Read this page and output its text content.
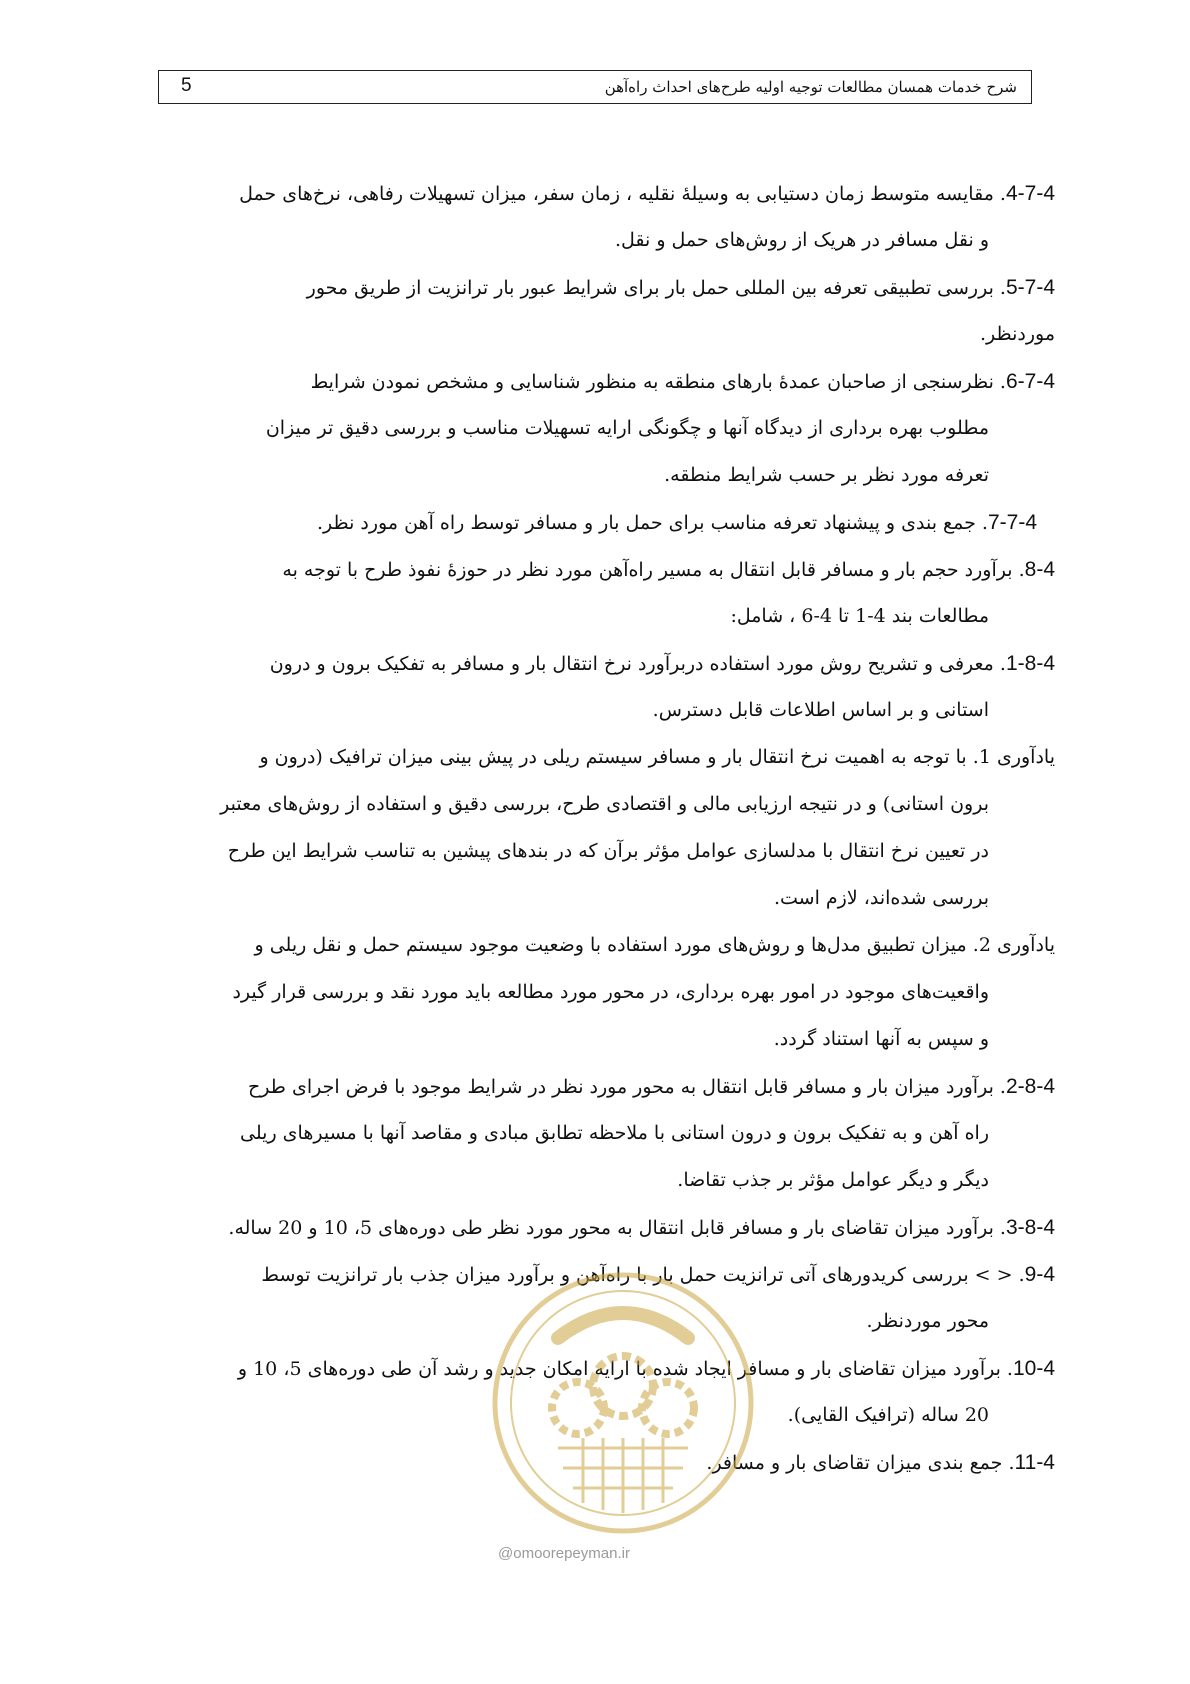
5	شرح خدمات همسان مطالعات توجیه اولیه طرح‌های احداث راه‌آهن
4-7-4. مقایسه متوسط زمان دستیابی به وسیلهٔ نقلیه ، زمان سفر، میزان تسهیلات رفاهی، نرخ‌های حمل
و نقل مسافر در هریک از روش‌های حمل و نقل.
5-7-4. بررسی تطبیقی تعرفه بین المللی حمل بار برای شرایط عبور بار ترانزیت از طریق محور
موردنظر.
6-7-4. نظرسنجی از صاحبان عمدهٔ بارهای منطقه به منظور شناسایی و مشخص نمودن شرایط
مطلوب بهره برداری از دیدگاه آنها و چگونگی ارایه تسهیلات مناسب و بررسی دقیق تر میزان
تعرفه مورد نظر بر حسب شرایط منطقه.
7-7-4. جمع بندی و پیشنهاد تعرفه مناسب برای حمل بار و مسافر توسط راه آهن مورد نظر.
8-4. برآورد حجم بار و مسافر قابل انتقال به مسیر راه‌آهن مورد نظر در حوزهٔ نفوذ طرح با توجه به
مطالعات بند 4-1 تا 4-6 ، شامل:
1-8-4. معرفی و تشریح روش مورد استفاده دربرآورد نرخ انتقال بار و مسافر به تفکیک برون و درون
استانی و بر اساس اطلاعات قابل دسترس.
یادآوری 1. با توجه به اهمیت نرخ انتقال بار و مسافر سیستم ریلی در پیش بینی میزان ترافیک (درون و
برون استانی) و در نتیجه ارزیابی مالی و اقتصادی طرح، بررسی دقیق و استفاده از روش‌های معتبر
در تعیین نرخ انتقال با مدلسازی عوامل مؤثر برآن که در بندهای پیشین به تناسب شرایط این طرح
بررسی شده‌اند، لازم است.
یادآوری 2. میزان تطبیق مدل‌ها و روش‌های مورد استفاده با وضعیت موجود سیستم حمل و نقل ریلی و
واقعیت‌های موجود در امور بهره برداری، در محور مورد مطالعه باید مورد نقد و بررسی قرار گیرد
و سپس به آنها استناد گردد.
2-8-4. برآورد میزان بار و مسافر قابل انتقال به محور مورد نظر در شرایط موجود با فرض اجرای طرح
راه آهن و به تفکیک برون و درون استانی با ملاحظه تطابق مبادی و مقاصد آنها با مسیرهای ریلی
دیگر و دیگر عوامل مؤثر بر جذب تقاضا.
3-8-4. برآورد میزان تقاضای بار و مسافر قابل انتقال به محور مورد نظر طی دوره‌های 5، 10 و 20 ساله.
9-4. < > بررسی کریدورهای آتی ترانزیت حمل بار با راه‌آهن و برآورد میزان جذب بار ترانزیت توسط
محور موردنظر.
10-4. برآورد میزان تقاضای بار و مسافر ایجاد شده با ارایه امکان جدید و رشد آن طی دوره‌های 5، 10 و
20 ساله (ترافیک القایی).
11-4. جمع بندی میزان تقاضای بار و مسافر.
@omoorepeyman.ir
